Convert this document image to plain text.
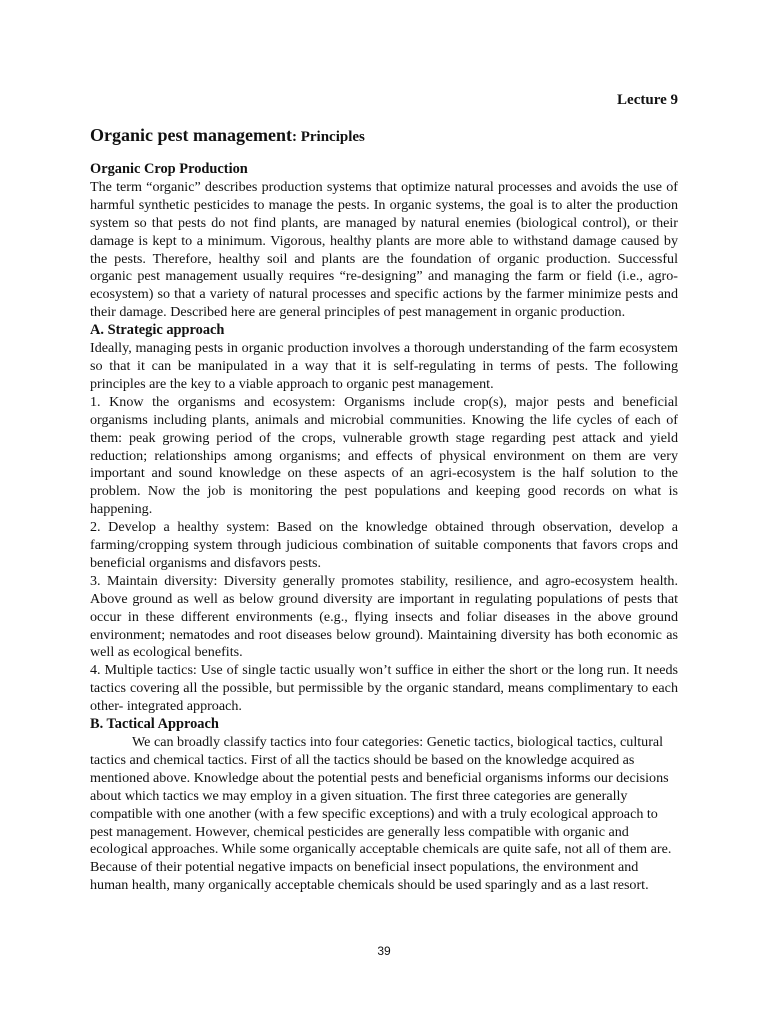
Lecture 9
Organic pest management: Principles
Organic Crop Production

The term “organic” describes production systems that optimize natural processes and avoids the use of harmful synthetic pesticides to manage the pests. In organic systems, the goal is to alter the production system so that pests do not find plants, are managed by natural enemies (biological control), or their damage is kept to a minimum. Vigorous, healthy plants are more able to withstand damage caused by the pests. Therefore, healthy soil and plants are the foundation of organic production. Successful organic pest management usually requires “re-designing” and managing the farm or field (i.e., agro-ecosystem) so that a variety of natural processes and specific actions by the farmer minimize pests and their damage. Described here are general principles of pest management in organic production.

A. Strategic approach

Ideally, managing pests in organic production involves a thorough understanding of the farm ecosystem so that it can be manipulated in a way that it is self-regulating in terms of pests. The following principles are the key to a viable approach to organic pest management.

1. Know the organisms and ecosystem: Organisms include crop(s), major pests and beneficial organisms including plants, animals and microbial communities. Knowing the life cycles of each of them: peak growing period of the crops, vulnerable growth stage regarding pest attack and yield reduction; relationships among organisms; and effects of physical environment on them are very important and sound knowledge on these aspects of an agri-ecosystem is the half solution to the problem. Now the job is monitoring the pest populations and keeping good records on what is happening.

2. Develop a healthy system: Based on the knowledge obtained through observation, develop a farming/cropping system through judicious combination of suitable components that favors crops and beneficial organisms and disfavors pests.

3. Maintain diversity: Diversity generally promotes stability, resilience, and agro-ecosystem health. Above ground as well as below ground diversity are important in regulating populations of pests that occur in these different environments (e.g., flying insects and foliar diseases in the above ground environment; nematodes and root diseases below ground). Maintaining diversity has both economic as well as ecological benefits.

4. Multiple tactics: Use of single tactic usually won’t suffice in either the short or the long run. It needs tactics covering all the possible, but permissible by the organic standard, means complimentary to each other- integrated approach.

B. Tactical Approach

We can broadly classify tactics into four categories: Genetic tactics, biological tactics, cultural tactics and chemical tactics. First of all the tactics should be based on the knowledge acquired as mentioned above. Knowledge about the potential pests and beneficial organisms informs our decisions about which tactics we may employ in a given situation. The first three categories are generally compatible with one another (with a few specific exceptions) and with a truly ecological approach to pest management. However, chemical pesticides are generally less compatible with organic and ecological approaches. While some organically acceptable chemicals are quite safe, not all of them are. Because of their potential negative impacts on beneficial insect populations, the environment and human health, many organically acceptable chemicals should be used sparingly and as a last resort.

39
